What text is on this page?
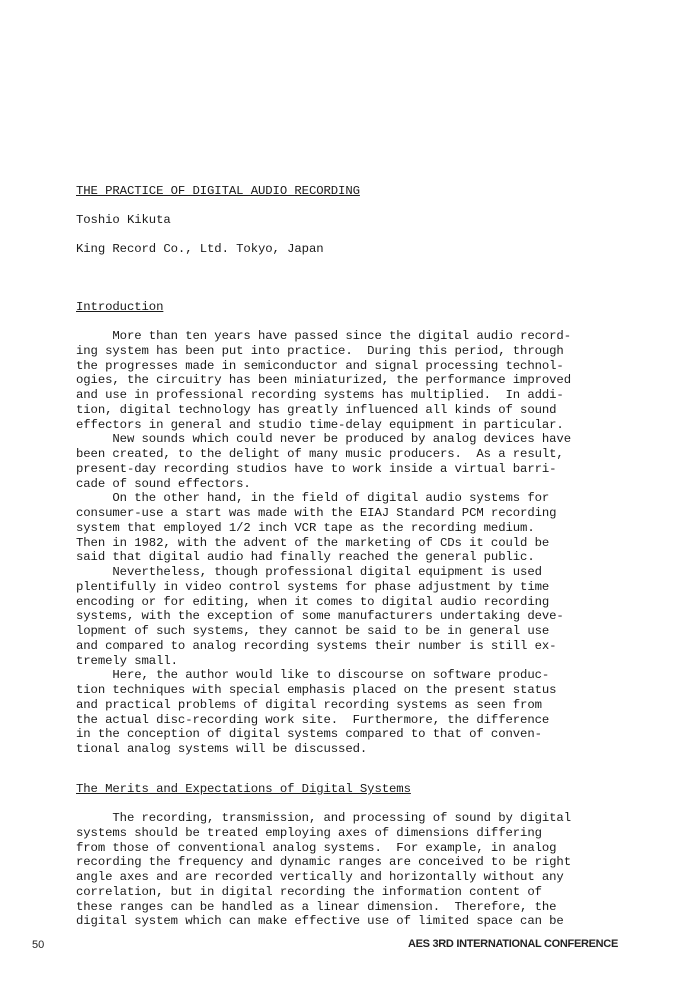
THE PRACTICE OF DIGITAL AUDIO RECORDING
Toshio Kikuta
King Record Co., Ltd. Tokyo, Japan
Introduction
More than ten years have passed since the digital audio record-
ing system has been put into practice.  During this period, through
the progresses made in semiconductor and signal processing technol-
ogies, the circuitry has been miniaturized, the performance improved
and use in professional recording systems has multiplied.  In addi-
tion, digital technology has greatly influenced all kinds of sound
effectors in general and studio time-delay equipment in particular.
New sounds which could never be produced by analog devices have
been created, to the delight of many music producers.  As a result,
present-day recording studios have to work inside a virtual barri-
cade of sound effectors.
On the other hand, in the field of digital audio systems for
consumer-use a start was made with the EIAJ Standard PCM recording
system that employed 1/2 inch VCR tape as the recording medium.
Then in 1982, with the advent of the marketing of CDs it could be
said that digital audio had finally reached the general public.
Nevertheless, though professional digital equipment is used
plentifully in video control systems for phase adjustment by time
encoding or for editing, when it comes to digital audio recording
systems, with the exception of some manufacturers undertaking deve-
lopment of such systems, they cannot be said to be in general use
and compared to analog recording systems their number is still ex-
tremely small.
Here, the author would like to discourse on software produc-
tion techniques with special emphasis placed on the present status
and practical problems of digital recording systems as seen from
the actual disc-recording work site.  Furthermore, the difference
in the conception of digital systems compared to that of conven-
tional analog systems will be discussed.
The Merits and Expectations of Digital Systems
The recording, transmission, and processing of sound by digital
systems should be treated employing axes of dimensions differing
from those of conventional analog systems.  For example, in analog
recording the frequency and dynamic ranges are conceived to be right
angle axes and are recorded vertically and horizontally without any
correlation, but in digital recording the information content of
these ranges can be handled as a linear dimension.  Therefore, the
digital system which can make effective use of limited space can be
50	AES 3RD INTERNATIONAL CONFERENCE
